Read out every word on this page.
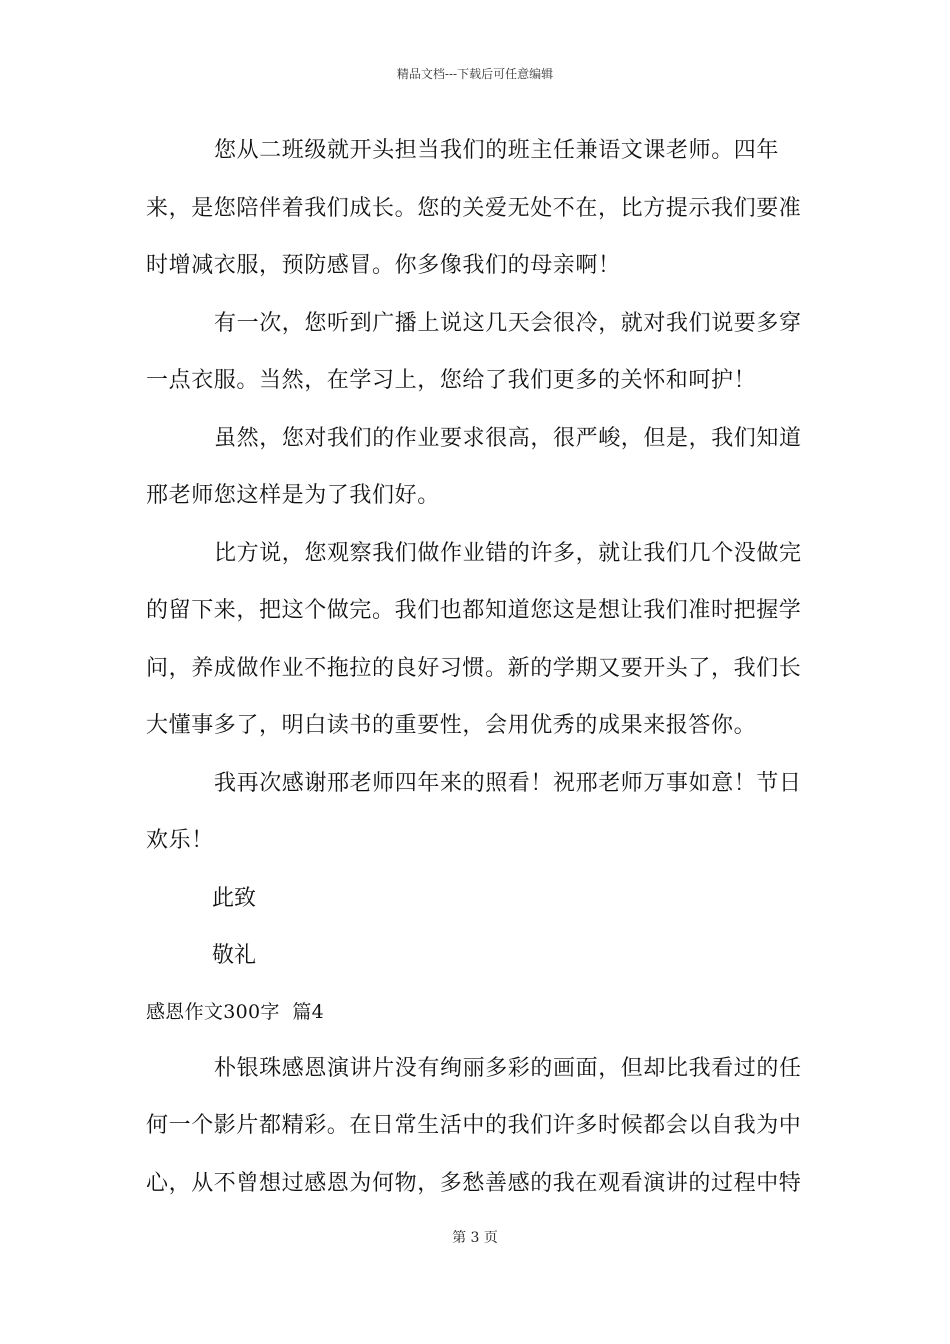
精品文档---下载后可任意编辑

您从二班级就开头担当我们的班主任兼语文课老师。四年来，是您陪伴着我们成长。您的关爱无处不在，比方提示我们要准时增减衣服，预防感冒。你多像我们的母亲啊！

有一次，您听到广播上说这几天会很冷，就对我们说要多穿一点衣服。当然，在学习上，您给了我们更多的关怀和呵护！

虽然，您对我们的作业要求很高，很严峻，但是，我们知道邢老师您这样是为了我们好。

比方说，您观察我们做作业错的许多，就让我们几个没做完的留下来，把这个做完。我们也都知道您这是想让我们准时把握学问，养成做作业不拖拉的良好习惯。新的学期又要开头了，我们长大懂事多了，明白读书的重要性，会用优秀的成果来报答你。

我再次感谢邢老师四年来的照看！祝邢老师万事如意！节日欢乐！

此致

敬礼

感恩作文300字  篇4

朴银珠感恩演讲片没有绚丽多彩的画面，但却比我看过的任何一个影片都精彩。在日常生活中的我们许多时候都会以自我为中心，从不曾想过感恩为何物，多愁善感的我在观看演讲的过程中特

第 3 页
